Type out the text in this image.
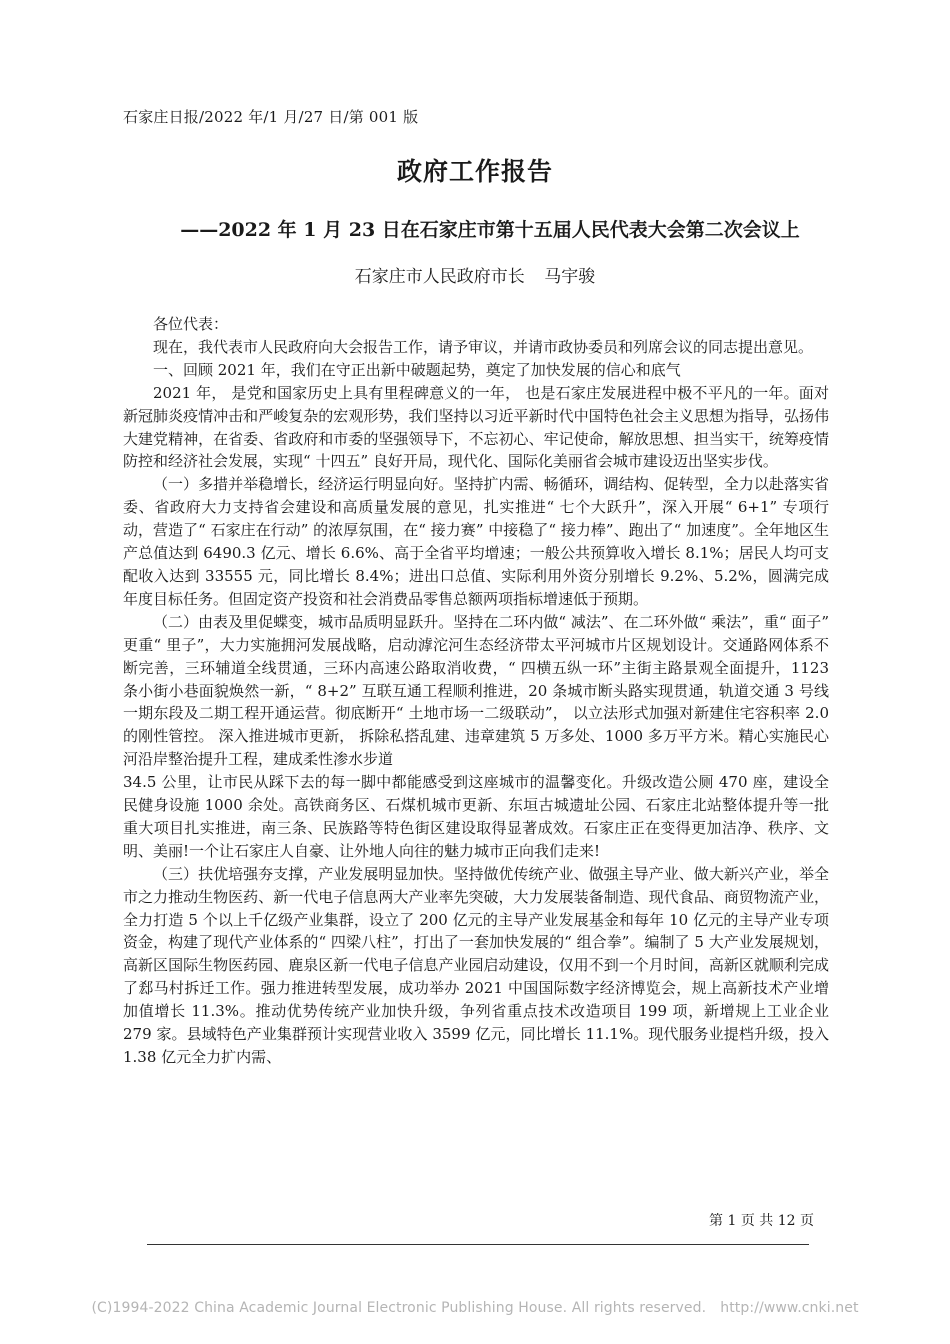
石家庄日报/2022 年/1 月/27 日/第 001 版
政府工作报告
——2022 年 1 月 23 日在石家庄市第十五届人民代表大会第二次会议上
石家庄市人民政府市长 马宇骏

各位代表：

现在，我代表市人民政府向大会报告工作，请予审议，并请市政协委员和列席会议的同志提出意见。

一、回顾 2021 年，我们在守正出新中破题起势，奠定了加快发展的信心和底气

2021 年， 是党和国家历史上具有里程碑意义的一年， 也是石家庄发展进程中极不平凡的一年。面对新冠肺炎疫情冲击和严峻复杂的宏观形势，我们坚持以习近平新时代中国特色社会主义思想为指导，弘扬伟大建党精神，在省委、省政府和市委的坚强领导下，不忘初心、牢记使命，解放思想、担当实干，统筹疫情防控和经济社会发展，实现“ 十四五” 良好开局，现代化、国际化美丽省会城市建设迈出坚实步伐。

（一）多措并举稳增长，经济运行明显向好。坚持扩内需、畅循环，调结构、促转型，全力以赴落实省委、省政府大力支持省会建设和高质量发展的意见，扎实推进“ 七个大跃升”，深入开展“ 6+1” 专项行动，营造了“ 石家庄在行动” 的浓厚氛围，在“ 接力赛” 中接稳了“ 接力棒”、跑出了“ 加速度”。全年地区生产总值达到 6490.3 亿元、增长 6.6%、高于全省平均增速；一般公共预算收入增长 8.1%；居民人均可支配收入达到 33555 元，同比增长 8.4%；进出口总值、实际利用外资分别增长 9.2%、5.2%，圆满完成年度目标任务。但固定资产投资和社会消费品零售总额两项指标增速低于预期。

（二）由表及里促蝶变，城市品质明显跃升。坚持在二环内做“ 减法”、在二环外做“ 乘法”，重“ 面子” 更重“ 里子”，大力实施拥河发展战略，启动滹沱河生态经济带太平河城市片区规划设计。交通路网体系不断完善，三环辅道全线贯通，三环内高速公路取消收费，“ 四横五纵一环”主街主路景观全面提升，1123 条小街小巷面貌焕然一新，“ 8+2” 互联互通工程顺利推进，20 条城市断头路实现贯通，轨道交通 3 号线一期东段及二期工程开通运营。彻底断开“ 土地市场一二级联动”， 以立法形式加强对新建住宅容积率 2.0 的刚性管控。 深入推进城市更新， 拆除私搭乱建、违章建筑 5 万多处、1000 多万平方米。精心实施民心河沿岸整治提升工程，建成柔性渗水步道

34.5 公里，让市民从踩下去的每一脚中都能感受到这座城市的温馨变化。升级改造公厕 470 座，建设全民健身设施 1000 余处。高铁商务区、石煤机城市更新、东垣古城遗址公园、石家庄北站整体提升等一批重大项目扎实推进，南三条、民族路等特色街区建设取得显著成效。石家庄正在变得更加洁净、秩序、文明、美丽!一个让石家庄人自豪、让外地人向往的魅力城市正向我们走来!

（三）扶优培强夯支撑，产业发展明显加快。坚持做优传统产业、做强主导产业、做大新兴产业，举全市之力推动生物医药、新一代电子信息两大产业率先突破，大力发展装备制造、现代食品、商贸物流产业，全力打造 5 个以上千亿级产业集群，设立了 200 亿元的主导产业发展基金和每年 10 亿元的主导产业专项资金，构建了现代产业体系的“ 四梁八柱”，打出了一套加快发展的“ 组合拳”。编制了 5 大产业发展规划，高新区国际生物医药园、鹿泉区新一代电子信息产业园启动建设，仅用不到一个月时间，高新区就顺利完成了郄马村拆迁工作。强力推进转型发展，成功举办 2021 中国国际数字经济博览会，规上高新技术产业增加值增长 11.3%。推动优势传统产业加快升级，争列省重点技术改造项目 199 项，新增规上工业企业 279 家。县域特色产业集群预计实现营业收入 3599 亿元，同比增长 11.1%。现代服务业提档升级，投入 1.38 亿元全力扩内需、

第 1 页 共 12 页
(C)1994-2022 China Academic Journal Electronic Publishing House. All rights reserved.　http://www.cnki.net
